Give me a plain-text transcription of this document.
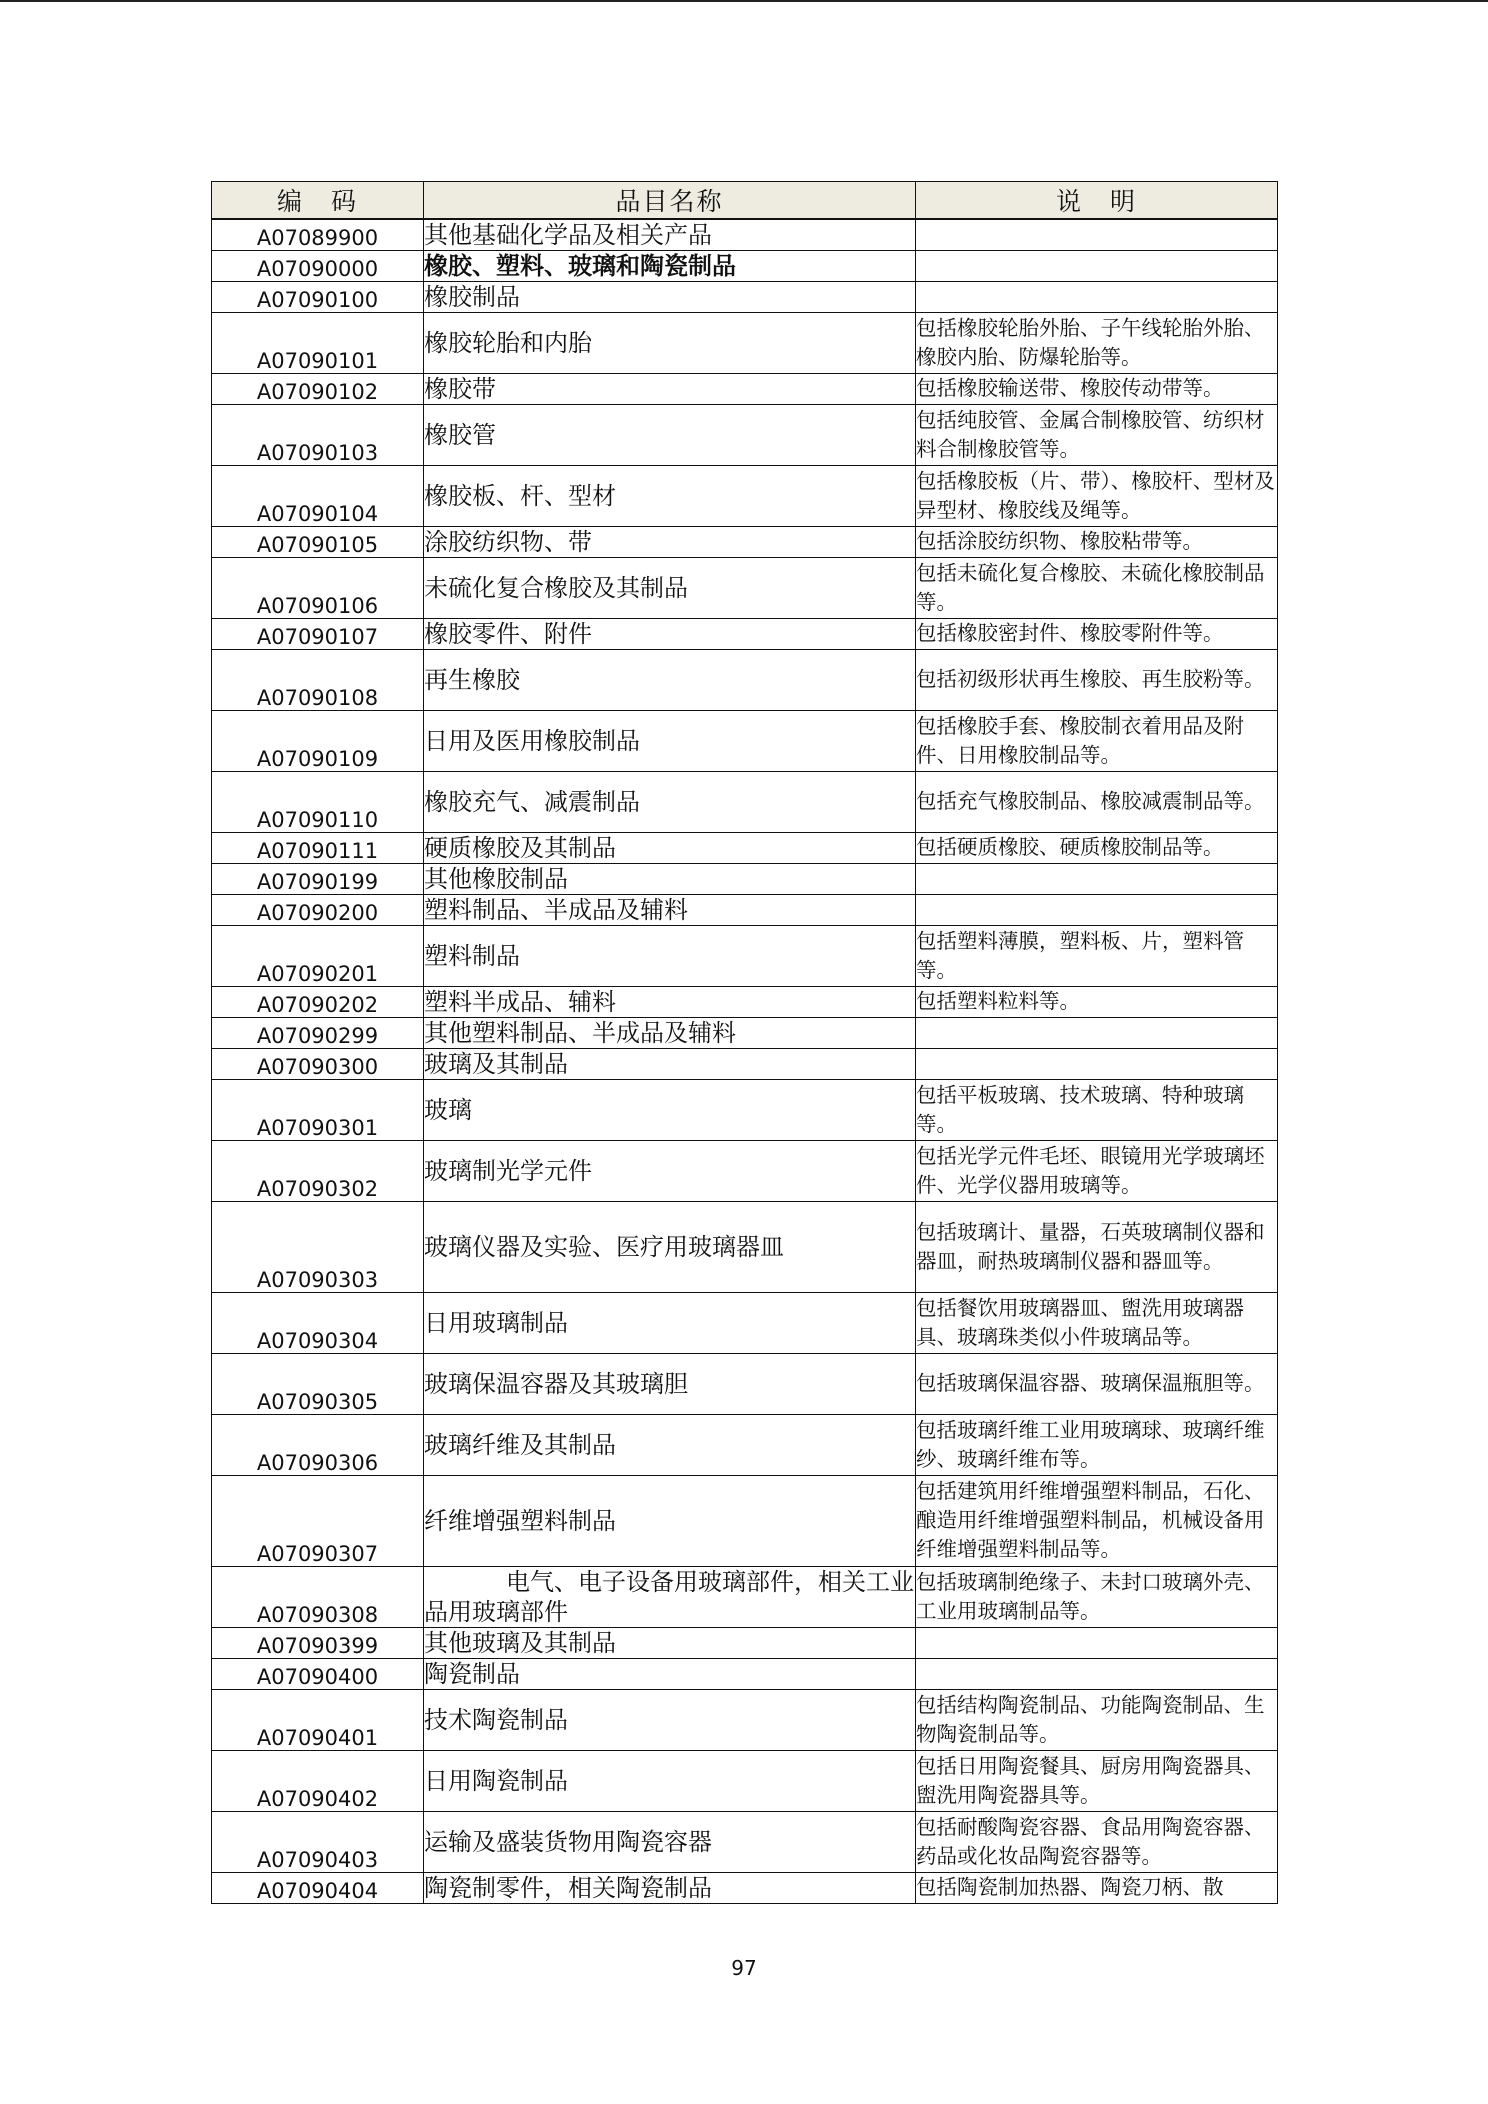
编　码	品目名称	说　明
A07089900	其他基础化学品及相关产品	
A07090000	橡胶、塑料、玻璃和陶瓷制品	
A07090100	橡胶制品	
A07090101	橡胶轮胎和内胎	包括橡胶轮胎外胎、子午线轮胎外胎、橡胶内胎、防爆轮胎等。
A07090102	橡胶带	包括橡胶输送带、橡胶传动带等。
A07090103	橡胶管	包括纯胶管、金属合制橡胶管、纺织材料合制橡胶管等。
A07090104	橡胶板、杆、型材	包括橡胶板（片、带）、橡胶杆、型材及异型材、橡胶线及绳等。
A07090105	涂胶纺织物、带	包括涂胶纺织物、橡胶粘带等。
A07090106	未硫化复合橡胶及其制品	包括未硫化复合橡胶、未硫化橡胶制品等。
A07090107	橡胶零件、附件	包括橡胶密封件、橡胶零附件等。
A07090108	再生橡胶	包括初级形状再生橡胶、再生胶粉等。
A07090109	日用及医用橡胶制品	包括橡胶手套、橡胶制衣着用品及附件、日用橡胶制品等。
A07090110	橡胶充气、减震制品	包括充气橡胶制品、橡胶减震制品等。
A07090111	硬质橡胶及其制品	包括硬质橡胶、硬质橡胶制品等。
A07090199	其他橡胶制品	
A07090200	塑料制品、半成品及辅料	
A07090201	塑料制品	包括塑料薄膜，塑料板、片，塑料管等。
A07090202	塑料半成品、辅料	包括塑料粒料等。
A07090299	其他塑料制品、半成品及辅料	
A07090300	玻璃及其制品	
A07090301	玻璃	包括平板玻璃、技术玻璃、特种玻璃等。
A07090302	玻璃制光学元件	包括光学元件毛坯、眼镜用光学玻璃坯件、光学仪器用玻璃等。
A07090303	玻璃仪器及实验、医疗用玻璃器皿	包括玻璃计、量器，石英玻璃制仪器和器皿，耐热玻璃制仪器和器皿等。
A07090304	日用玻璃制品	包括餐饮用玻璃器皿、盥洗用玻璃器具、玻璃珠类似小件玻璃品等。
A07090305	玻璃保温容器及其玻璃胆	包括玻璃保温容器、玻璃保温瓶胆等。
A07090306	玻璃纤维及其制品	包括玻璃纤维工业用玻璃球、玻璃纤维纱、玻璃纤维布等。
A07090307	纤维增强塑料制品	包括建筑用纤维增强塑料制品，石化、酿造用纤维增强塑料制品，机械设备用纤维增强塑料制品等。
A07090308	电气、电子设备用玻璃部件，相关工业品用玻璃部件	包括玻璃制绝缘子、未封口玻璃外壳、工业用玻璃制品等。
A07090399	其他玻璃及其制品	
A07090400	陶瓷制品	
A07090401	技术陶瓷制品	包括结构陶瓷制品、功能陶瓷制品、生物陶瓷制品等。
A07090402	日用陶瓷制品	包括日用陶瓷餐具、厨房用陶瓷器具、盥洗用陶瓷器具等。
A07090403	运输及盛装货物用陶瓷容器	包括耐酸陶瓷容器、食品用陶瓷容器、药品或化妆品陶瓷容器等。
A07090404	陶瓷制零件，相关陶瓷制品	包括陶瓷制加热器、陶瓷刀柄、散
97
